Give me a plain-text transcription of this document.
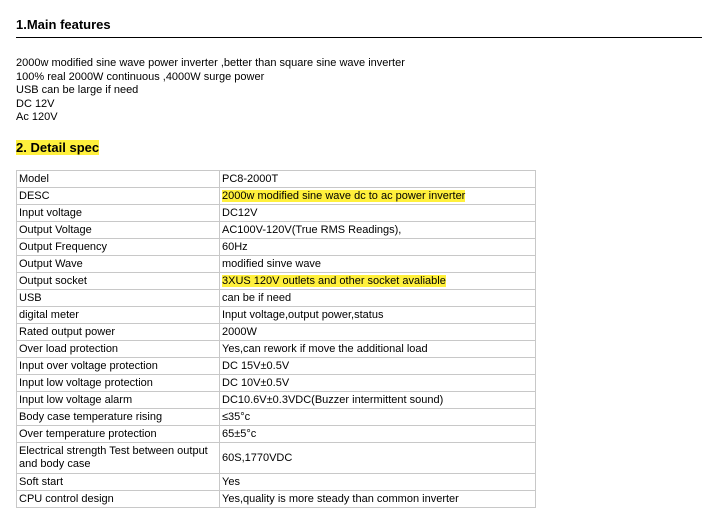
1.Main features
2000w modified sine wave power inverter ,better than square sine wave inverter
100% real 2000W continuous ,4000W surge power
USB can be large if need
DC 12V
Ac 120V
2. Detail spec
Model	PC8-2000T
DESC	2000w modified sine wave dc to ac power inverter
Input voltage	DC12V
Output Voltage	AC100V-120V(True RMS Readings),
Output Frequency	60Hz
Output Wave	modified sinve wave
Output socket	3XUS 120V outlets and other socket avaliable
USB	can be if need
digital meter	Input voltage,output power,status
Rated output power	2000W
Over load protection	Yes,can rework if move the additional load
Input over voltage protection	DC 15V±0.5V
Input low voltage protection	DC 10V±0.5V
Input low voltage alarm	DC10.6V±0.3VDC(Buzzer intermittent sound)
Body case temperature rising	≤35°c
Over temperature protection	65±5°c
Electrical strength Test between output and body case	60S,1770VDC
Soft start	Yes
CPU control design	Yes,quality is more steady than common inverter
